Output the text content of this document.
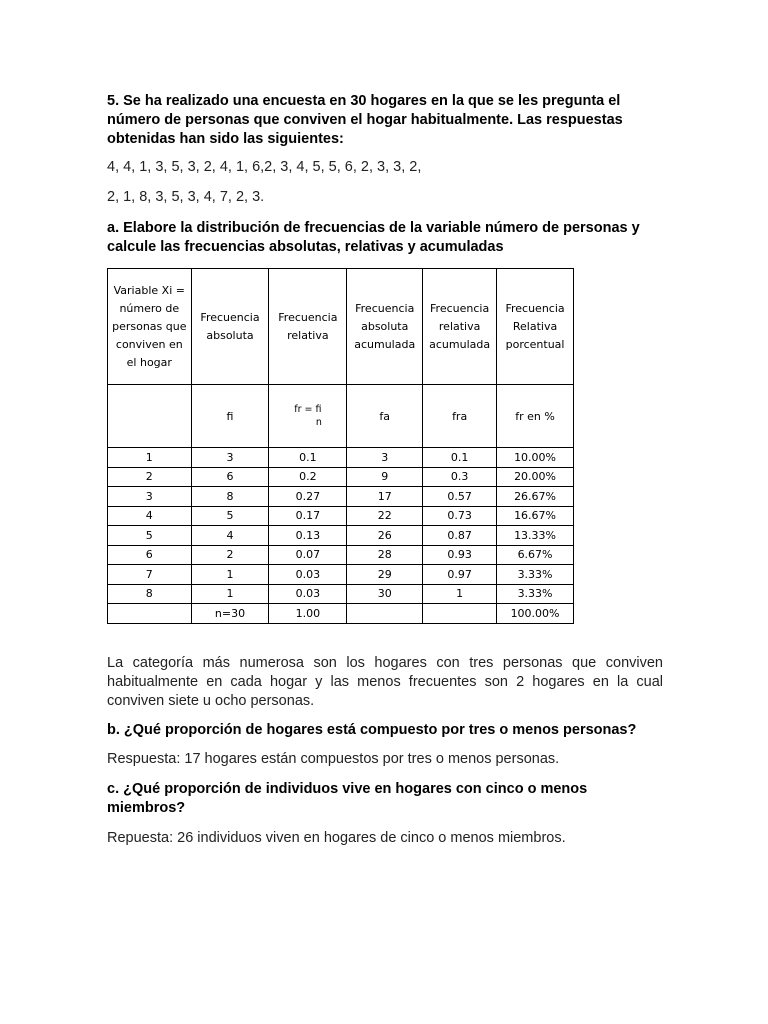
5. Se ha realizado una encuesta en 30 hogares en la que se les pregunta el número de personas que conviven el hogar habitualmente. Las respuestas obtenidas han sido las siguientes:

4, 4, 1, 3, 5, 3, 2, 4, 1, 6,2, 3, 4, 5, 5, 6, 2, 3, 3, 2,

2, 1, 8, 3, 5, 3, 4, 7, 2, 3.

a. Elabore la distribución de frecuencias de la variable número de personas y calcule las frecuencias absolutas, relativas y acumuladas

Variable Xi = número de personas que conviven en el hogar	Frecuencia absoluta	Frecuencia relativa	Frecuencia absoluta acumulada	Frecuencia relativa acumulada	Frecuencia Relativa porcentual
	fi	fr = fi
n	fa	fra	fr en %
1	3	0.1	3	0.1	10.00%
2	6	0.2	9	0.3	20.00%
3	8	0.27	17	0.57	26.67%
4	5	0.17	22	0.73	16.67%
5	4	0.13	26	0.87	13.33%
6	2	0.07	28	0.93	6.67%
7	1	0.03	29	0.97	3.33%
8	1	0.03	30	1	3.33%
	n=30	1.00			100.00%

La categoría más numerosa son los hogares con tres personas que conviven habitualmente en cada hogar y las menos frecuentes son 2 hogares en la cual conviven siete u ocho personas.

b. ¿Qué proporción de hogares está compuesto por tres o menos personas?

Respuesta: 17 hogares están compuestos por tres o menos personas.

c. ¿Qué proporción de individuos vive en hogares con cinco o menos miembros?

Repuesta: 26 individuos viven en hogares de cinco o menos miembros.
